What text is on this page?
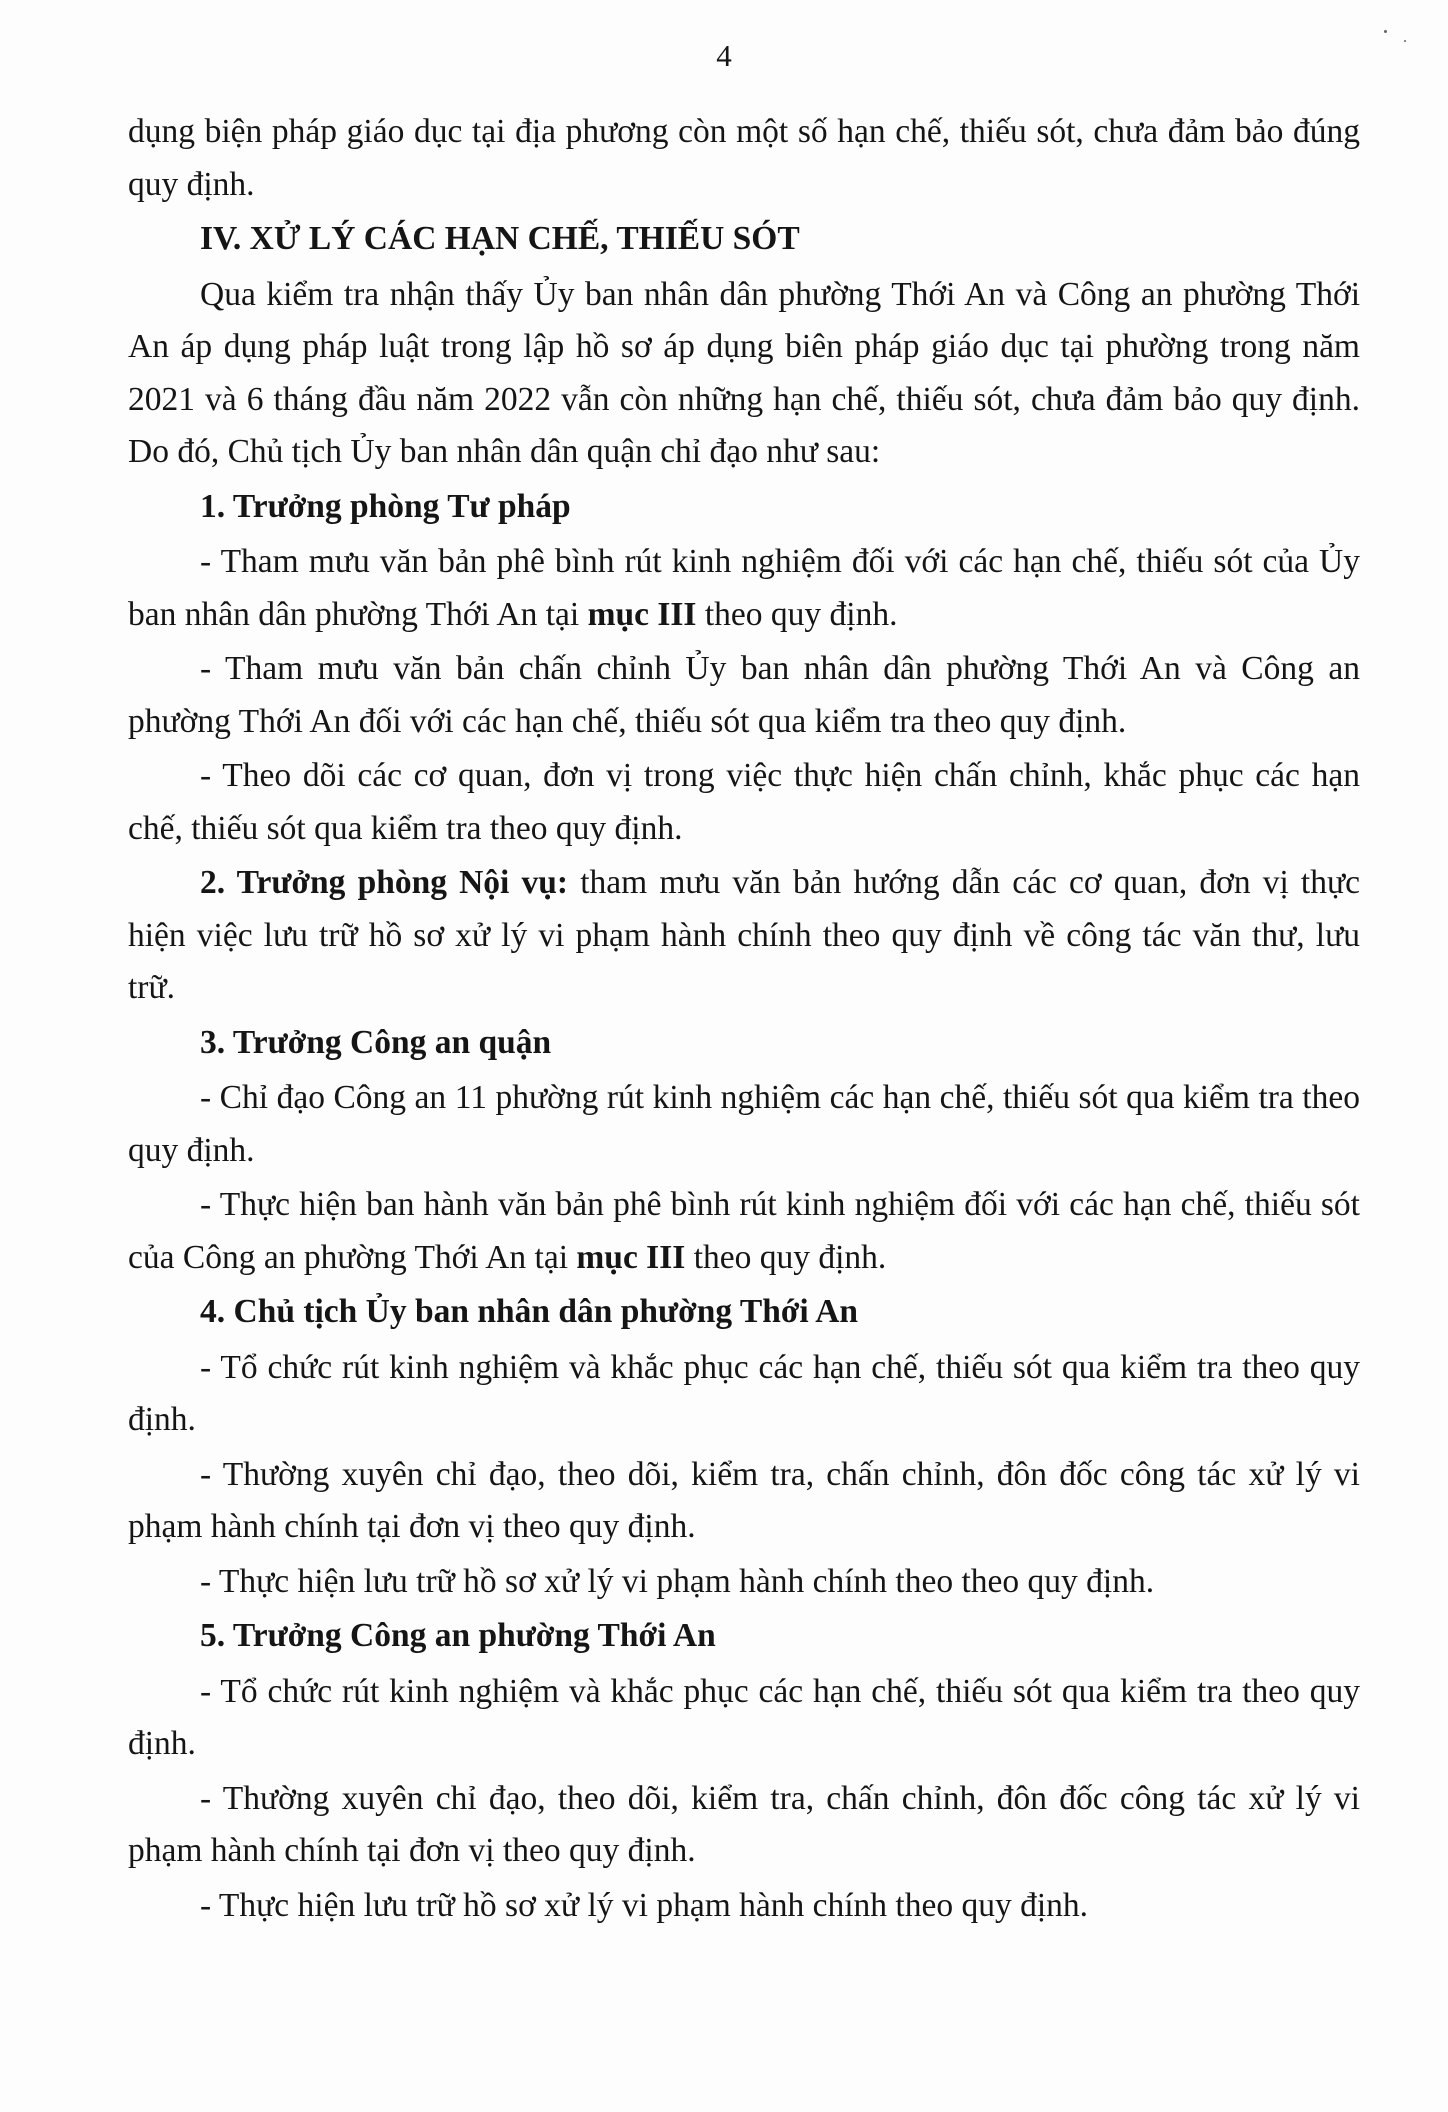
4

dụng biện pháp giáo dục tại địa phương còn một số hạn chế, thiếu sót, chưa đảm bảo đúng quy định.

IV. XỬ LÝ CÁC HẠN CHẾ, THIẾU SÓT

Qua kiểm tra nhận thấy Ủy ban nhân dân phường Thới An và Công an phường Thới An áp dụng pháp luật trong lập hồ sơ áp dụng biên pháp giáo dục tại phường trong năm 2021 và 6 tháng đầu năm 2022 vẫn còn những hạn chế, thiếu sót, chưa đảm bảo quy định. Do đó, Chủ tịch Ủy ban nhân dân quận chỉ đạo như sau:

1. Trưởng phòng Tư pháp

- Tham mưu văn bản phê bình rút kinh nghiệm đối với các hạn chế, thiếu sót của Ủy ban nhân dân phường Thới An tại mục III theo quy định.

- Tham mưu văn bản chấn chỉnh Ủy ban nhân dân phường Thới An và Công an phường Thới An đối với các hạn chế, thiếu sót qua kiểm tra theo quy định.

- Theo dõi các cơ quan, đơn vị trong việc thực hiện chấn chỉnh, khắc phục các hạn chế, thiếu sót qua kiểm tra theo quy định.

2. Trưởng phòng Nội vụ: tham mưu văn bản hướng dẫn các cơ quan, đơn vị thực hiện việc lưu trữ hồ sơ xử lý vi phạm hành chính theo quy định về công tác văn thư, lưu trữ.

3. Trưởng Công an quận

- Chỉ đạo Công an 11 phường rút kinh nghiệm các hạn chế, thiếu sót qua kiểm tra theo quy định.

- Thực hiện ban hành văn bản phê bình rút kinh nghiệm đối với các hạn chế, thiếu sót của Công an phường Thới An tại mục III theo quy định.

4. Chủ tịch Ủy ban nhân dân phường Thới An

- Tổ chức rút kinh nghiệm và khắc phục các hạn chế, thiếu sót qua kiểm tra theo quy định.

- Thường xuyên chỉ đạo, theo dõi, kiểm tra, chấn chỉnh, đôn đốc công tác xử lý vi phạm hành chính tại đơn vị theo quy định.

- Thực hiện lưu trữ hồ sơ xử lý vi phạm hành chính theo theo quy định.

5. Trưởng Công an phường Thới An

- Tổ chức rút kinh nghiệm và khắc phục các hạn chế, thiếu sót qua kiểm tra theo quy định.

- Thường xuyên chỉ đạo, theo dõi, kiểm tra, chấn chỉnh, đôn đốc công tác xử lý vi phạm hành chính tại đơn vị theo quy định.

- Thực hiện lưu trữ hồ sơ xử lý vi phạm hành chính theo quy định.
